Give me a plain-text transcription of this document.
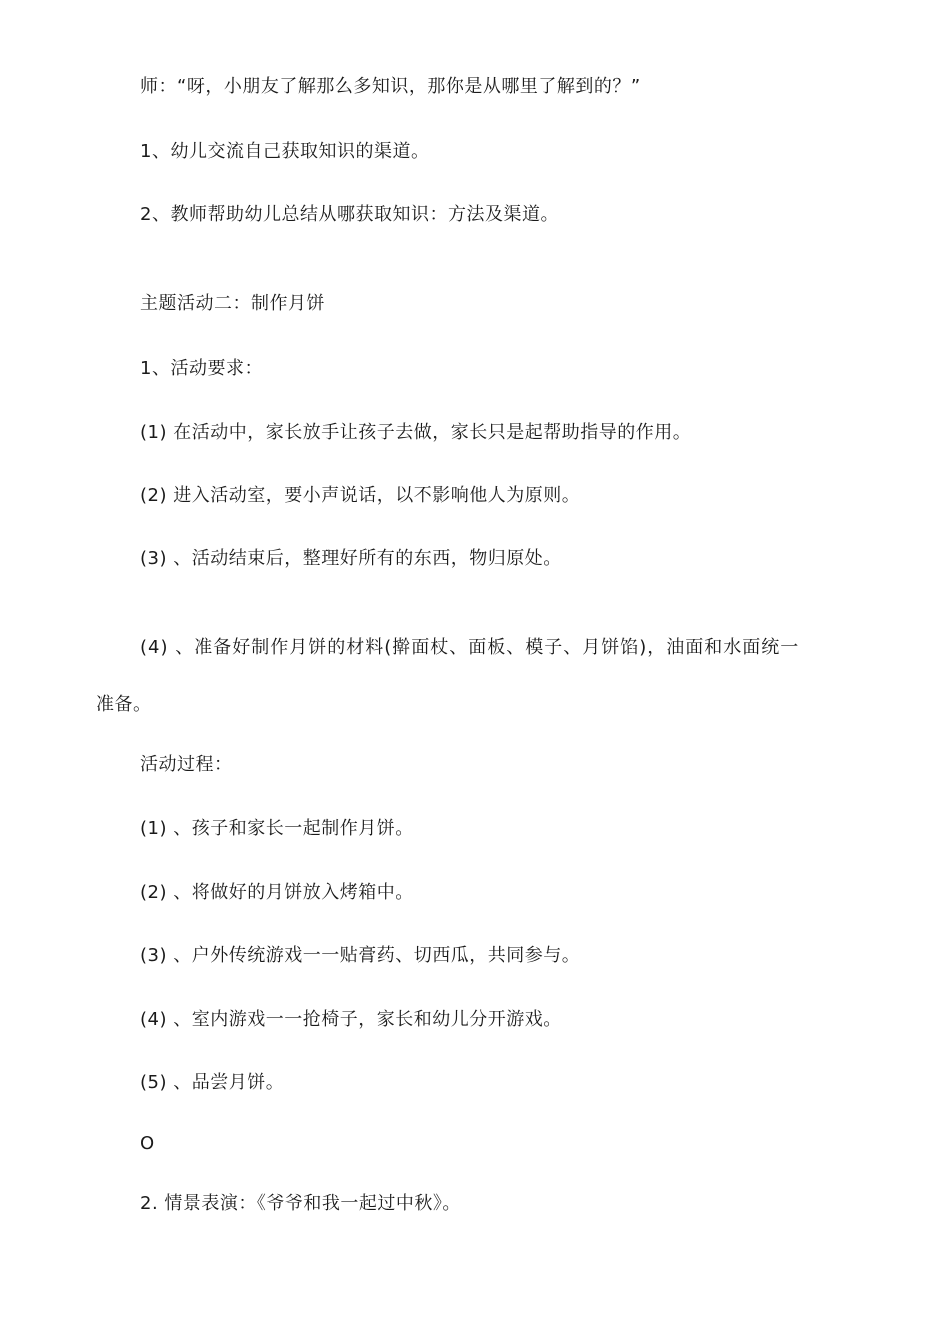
师：“呀，小朋友了解那么多知识，那你是从哪里了解到的？”
1、幼儿交流自己获取知识的渠道。
2、教师帮助幼儿总结从哪获取知识：方法及渠道。
主题活动二：制作月饼
1、活动要求：
(1) 在活动中，家长放手让孩子去做，家长只是起帮助指导的作用。
(2) 进入活动室，要小声说话，以不影响他人为原则。
(3) 、活动结束后，整理好所有的东西，物归原处。
(4) 、准备好制作月饼的材料(擀面杖、面板、模子、月饼馅)，油面和水面统一
准备。
活动过程：
(1) 、孩子和家长一起制作月饼。
(2) 、将做好的月饼放入烤箱中。
(3) 、户外传统游戏一一贴膏药、切西瓜，共同参与。
(4) 、室内游戏一一抢椅子，家长和幼儿分开游戏。
(5) 、品尝月饼。
O
2. 情景表演：《爷爷和我一起过中秋》。
